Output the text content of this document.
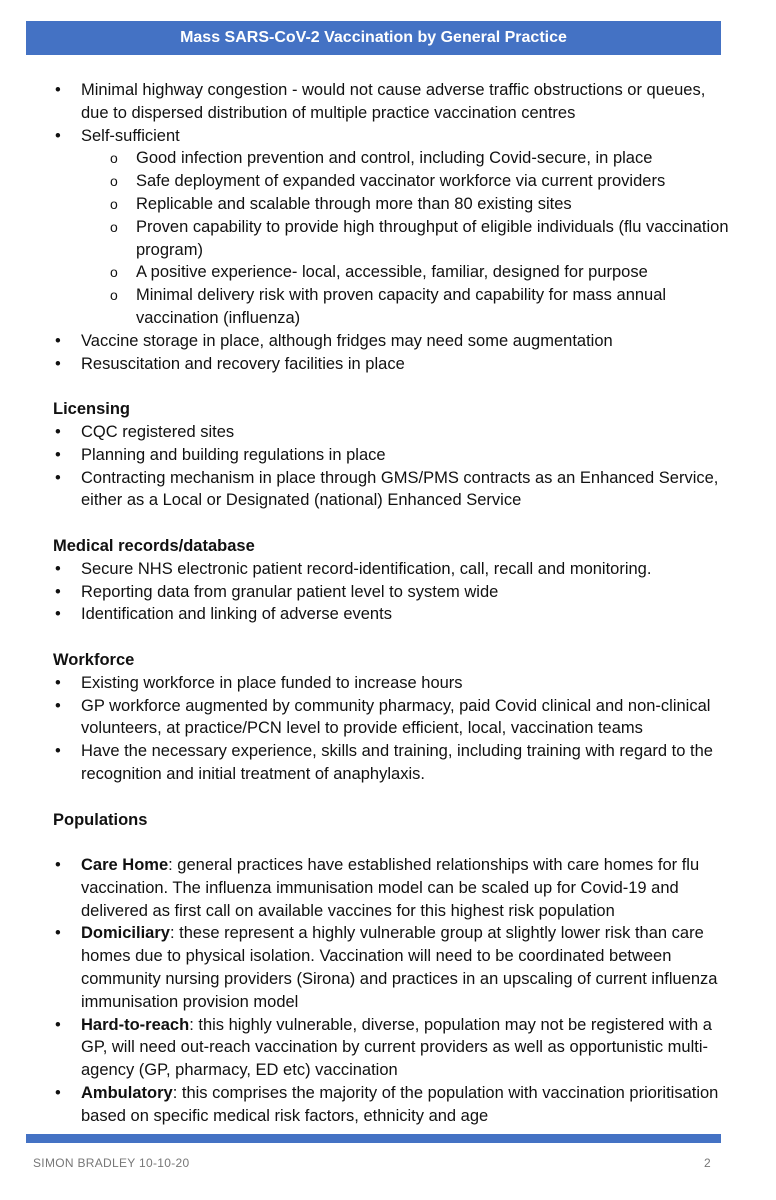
Mass SARS-CoV-2 Vaccination by General Practice
• Minimal highway congestion - would not cause adverse traffic obstructions or queues, due to dispersed distribution of multiple practice vaccination centres
• Self-sufficient
o Good infection prevention and control, including Covid-secure, in place
o Safe deployment of expanded vaccinator workforce via current providers
o Replicable and scalable through more than 80 existing sites
o Proven capability to provide high throughput of eligible individuals (flu vaccination program)
o A positive experience- local, accessible, familiar, designed for purpose
o Minimal delivery risk with proven capacity and capability for mass annual vaccination (influenza)
• Vaccine storage in place, although fridges may need some augmentation
• Resuscitation and recovery facilities in place
Licensing
• CQC registered sites
• Planning and building regulations in place
• Contracting mechanism in place through GMS/PMS contracts as an Enhanced Service, either as a Local or Designated (national) Enhanced Service
Medical records/database
• Secure NHS electronic patient record-identification, call, recall and monitoring.
• Reporting data from granular patient level to system wide
• Identification and linking of adverse events
Workforce
• Existing workforce in place funded to increase hours
• GP workforce augmented by community pharmacy, paid Covid clinical and non-clinical volunteers, at practice/PCN level to provide efficient, local, vaccination teams
• Have the necessary experience, skills and training, including training with regard to the recognition and initial treatment of anaphylaxis.
Populations
• Care Home: general practices have established relationships with care homes for flu vaccination. The influenza immunisation model can be scaled up for Covid-19 and delivered as first call on available vaccines for this highest risk population
• Domiciliary: these represent a highly vulnerable group at slightly lower risk than care homes due to physical isolation. Vaccination will need to be coordinated between community nursing providers (Sirona) and practices in an upscaling of current influenza immunisation provision model
• Hard-to-reach: this highly vulnerable, diverse, population may not be registered with a GP, will need out-reach vaccination by current providers as well as opportunistic multi-agency (GP, pharmacy, ED etc) vaccination
• Ambulatory: this comprises the majority of the population with vaccination prioritisation based on specific medical risk factors, ethnicity and age
SIMON BRADLEY 10-10-20	2
